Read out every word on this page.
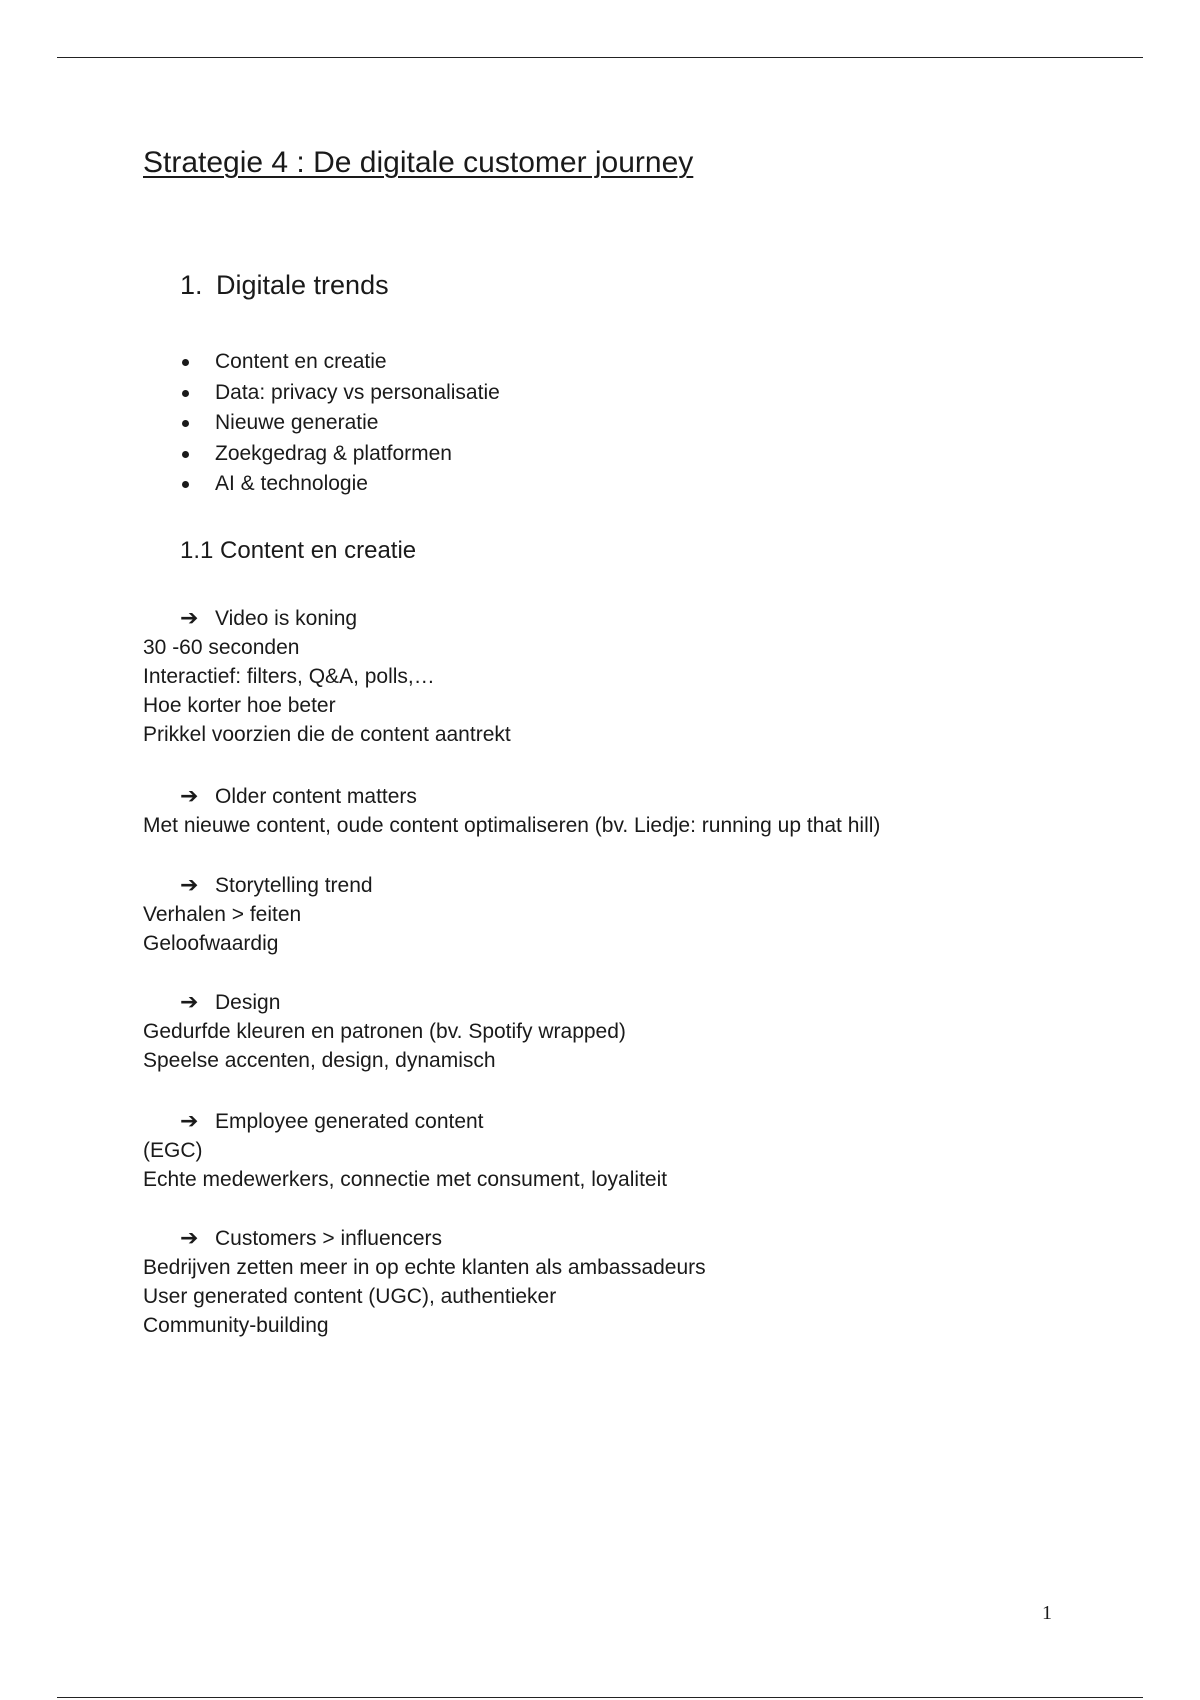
Strategie 4 : De digitale customer journey
1. Digitale trends
Content en creatie
Data: privacy vs personalisatie
Nieuwe generatie
Zoekgedrag & platformen
AI & technologie
1.1 Content en creatie
➔ Video is koning
30 -60 seconden
Interactief: filters, Q&A, polls,…
Hoe korter hoe beter
Prikkel voorzien die de content aantrekt
➔ Older content matters
Met nieuwe content, oude content optimaliseren (bv. Liedje: running up that hill)
➔ Storytelling trend
Verhalen > feiten
Geloofwaardig
➔ Design
Gedurfde kleuren en patronen (bv. Spotify wrapped)
Speelse accenten, design, dynamisch
➔ Employee generated content
(EGC)
Echte medewerkers, connectie met consument, loyaliteit
➔ Customers > influencers
Bedrijven zetten meer in op echte klanten als ambassadeurs
User generated content (UGC), authentieker
Community-building
1
